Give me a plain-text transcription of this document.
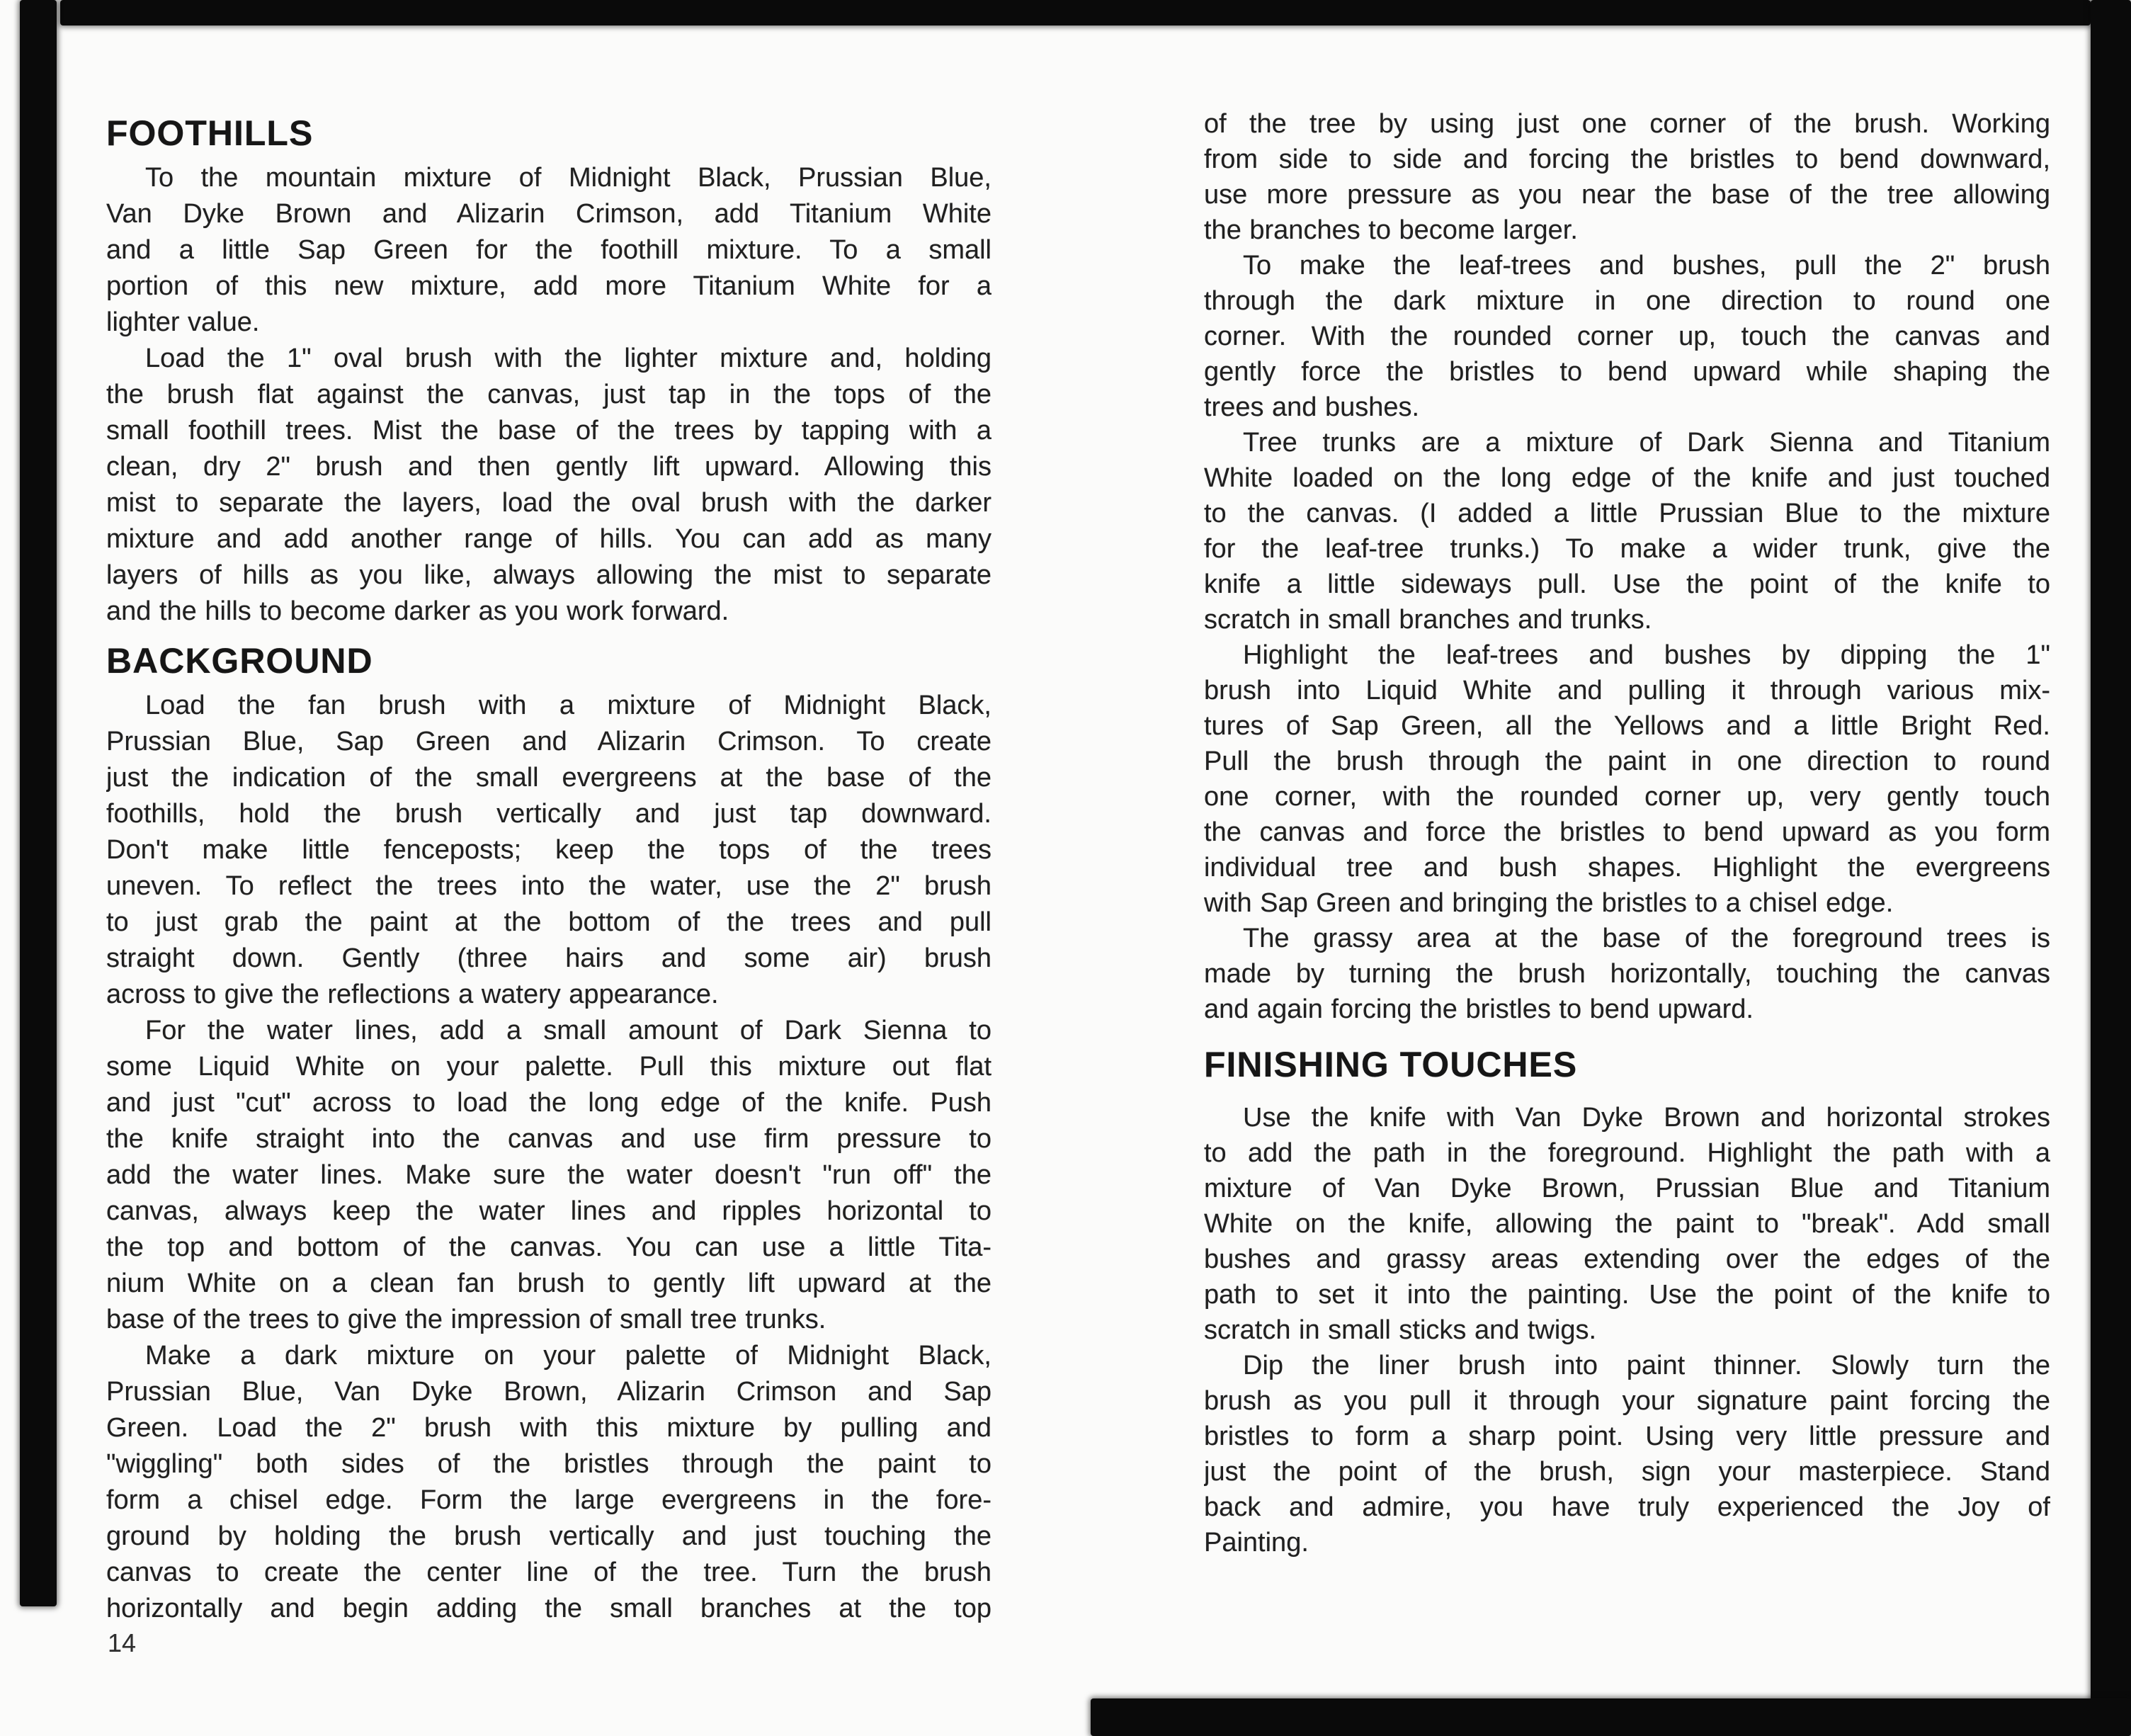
FOOTHILLS
To the mountain mixture of Midnight Black, Prussian Blue,
Van Dyke Brown and Alizarin Crimson, add Titanium White
and a little Sap Green for the foothill mixture. To a small
portion of this new mixture, add more Titanium White for a
lighter value.
Load the 1" oval brush with the lighter mixture and, holding
the brush flat against the canvas, just tap in the tops of the
small foothill trees. Mist the base of the trees by tapping with a
clean, dry 2" brush and then gently lift upward. Allowing this
mist to separate the layers, load the oval brush with the darker
mixture and add another range of hills. You can add as many
layers of hills as you like, always allowing the mist to separate
and the hills to become darker as you work forward.
BACKGROUND
Load the fan brush with a mixture of Midnight Black,
Prussian Blue, Sap Green and Alizarin Crimson. To create
just the indication of the small evergreens at the base of the
foothills, hold the brush vertically and just tap downward.
Don't make little fenceposts; keep the tops of the trees
uneven. To reflect the trees into the water, use the 2" brush
to just grab the paint at the bottom of the trees and pull
straight down. Gently (three hairs and some air) brush
across to give the reflections a watery appearance.
For the water lines, add a small amount of Dark Sienna to
some Liquid White on your palette. Pull this mixture out flat
and just "cut" across to load the long edge of the knife. Push
the knife straight into the canvas and use firm pressure to
add the water lines. Make sure the water doesn't "run off" the
canvas, always keep the water lines and ripples horizontal to
the top and bottom of the canvas. You can use a little Tita-
nium White on a clean fan brush to gently lift upward at the
base of the trees to give the impression of small tree trunks.
Make a dark mixture on your palette of Midnight Black,
Prussian Blue, Van Dyke Brown, Alizarin Crimson and Sap
Green. Load the 2" brush with this mixture by pulling and
"wiggling" both sides of the bristles through the paint to
form a chisel edge. Form the large evergreens in the fore-
ground by holding the brush vertically and just touching the
canvas to create the center line of the tree. Turn the brush
horizontally and begin adding the small branches at the top
of the tree by using just one corner of the brush. Working
from side to side and forcing the bristles to bend downward,
use more pressure as you near the base of the tree allowing
the branches to become larger.
To make the leaf-trees and bushes, pull the 2" brush
through the dark mixture in one direction to round one
corner. With the rounded corner up, touch the canvas and
gently force the bristles to bend upward while shaping the
trees and bushes.
Tree trunks are a mixture of Dark Sienna and Titanium
White loaded on the long edge of the knife and just touched
to the canvas. (I added a little Prussian Blue to the mixture
for the leaf-tree trunks.) To make a wider trunk, give the
knife a little sideways pull. Use the point of the knife to
scratch in small branches and trunks.
Highlight the leaf-trees and bushes by dipping the 1"
brush into Liquid White and pulling it through various mix-
tures of Sap Green, all the Yellows and a little Bright Red.
Pull the brush through the paint in one direction to round
one corner, with the rounded corner up, very gently touch
the canvas and force the bristles to bend upward as you form
individual tree and bush shapes. Highlight the evergreens
with Sap Green and bringing the bristles to a chisel edge.
The grassy area at the base of the foreground trees is
made by turning the brush horizontally, touching the canvas
and again forcing the bristles to bend upward.
FINISHING TOUCHES
Use the knife with Van Dyke Brown and horizontal strokes
to add the path in the foreground. Highlight the path with a
mixture of Van Dyke Brown, Prussian Blue and Titanium
White on the knife, allowing the paint to "break". Add small
bushes and grassy areas extending over the edges of the
path to set it into the painting. Use the point of the knife to
scratch in small sticks and twigs.
Dip the liner brush into paint thinner. Slowly turn the
brush as you pull it through your signature paint forcing the
bristles to form a sharp point. Using very little pressure and
just the point of the brush, sign your masterpiece. Stand
back and admire, you have truly experienced the Joy of
Painting.
14
